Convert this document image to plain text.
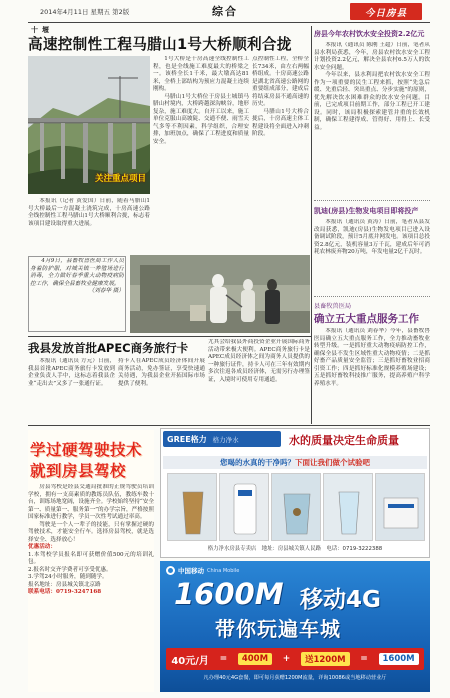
2014年4月11日 星期五 第2版	综合	今日房县
十堰
高速控制性工程马腊山1号大桥顺利合拢
关注重点项目

本报讯（记者 黄爱国）日前，随着马腊山1号大桥最后一方混凝土浇筑完成，十房高速公路全线控制性工程马腊山1号大桥顺利合拢，标志着该项目建设取得重大进展。

1号大桥是十房高速全线控制性工程，也是全线施工难度最大的桥梁之一。该桥全长1千米，最大墩高达81米，全桥上部结构为预应力混凝土连续刚构。

马腊山1号大桥位于房县土城镇马腊山村境内，大桥跨越深沟峡谷，地形复杂，施工难度大。自开工以来，施工单位克服山高坡陡、交通不便、雨雪天气多等不利因素，科学组织，合理安排，加班加点，确保了工程进度和质量安全。

点控制性工程，全桥全长734米，由左右两幅桥组成。十房高速公路是湖北省高速公路网的重要组成部分，建成后将结束房县不通高速的历史。

马腊山1号大桥合拢后，十房高速主体工程建设将全面进入冲刺阶段。

房县今年农村饮水安全投资2.2亿元

本报讯（通讯员 陈刚 王超）日前，笔者从县水利局获悉，今年，房县农村饮水安全工程计划投资2.2亿元，解决全县农村6.5万人的饮水安全问题。

今年以来，县水利局把农村饮水安全工程作为一项重要的民生工程来抓，按照“先急后缓、先重后轻、突出重点、分步实施”的原则，优先解决饮水困难群众的饮水安全问题。目前，已完成项目前期工作，部分工程已开工建设。同时，该局积极探索建管并重的长效机制，确保工程建得成、管得好、用得上、长受益。

凯迪(房县)生物发电项目即将投产

本报讯（通讯员 黄涛）日前，笔者从县发改局获悉，凯迪(房县)生物发电项目已进入设备调试阶段，预计5月底并网发电。该项目总投资2.8亿元，装机容量3万千瓦，建成后年可消耗农林废弃物20万吨，年发电量2亿千瓦时。

县畜牧兽医局
确立五大重点服务工作

本报讯（通讯员 刘春华）今年，县畜牧兽医局确立五大重点服务工作，全力推动畜牧业转型升级。一是抓好重大动物疫病防控工作，确保全县不发生区域性重大动物疫情；二是抓好畜产品质量安全监管；三是抓好畜牧业招商引资工作；四是抓好标准化规模养殖场建设；五是抓好畜牧科技推广服务，提高养殖户科学养殖水平。

4月9日，县畜牧兽医局工作人员身着防护服，对城关镇一养殖场进行消毒，全力做好春季重大动物疫病防控工作，确保全县畜牧业健康发展。

（刘春华 摄）

我县发放首批APEC商务旅行卡

本报讯（通讯员 方元）日前，我县首批APEC商务旅行卡发放到企业负责人手中，这标志着我县企业“走出去”又多了一张通行证。

持卡人在APEC成员经济体间开展商务活动，免办签证，享受快速通关待遇，为我县企业开拓国际市场提供了便利。

尤其会给我县外商投资企业开展国际商务活动带来极大便利。APEC商务旅行卡是APEC成员经济体之间为商务人员提供的一种旅行证件，持卡人可在三年有效期内多次往返各成员经济体，无需另行办理签证，入境时可使用专用通道。

学过硬驾驶技术
就到房县驾校

房县驾校是经县交通局批准的正规驾驶员培训学校，拥有一支高素质的教练员队伍，教练车数十台，训练场地宽阔，设施齐全。学校始终坚持“安全第一、质量第一、服务第一”的办学宗旨，严格按照国家标准进行教学，学员一次性考试通过率高。

驾驶是一个人一辈子的技能，只有掌握过硬的驾驶技术，才能安全行车。选择房县驾校，就是选择安全、选择放心！

优惠活动：

1.本驾校学员报名即可获赠价值500元的培训礼包。

2.报名时交齐学费者可享受优惠。

3.学驾24小时服务，随到随学。

报名地址：房县城关镇北京路

联系电话：0719-3247168

GREE格力 格力净水	水的质量决定生命质量
您喝的水真的干净吗？ 下面让我们做个试验吧
格力净水房县专卖店　地址：房县城关镇人民路　电话：0719-3222388
中国移动 China Mobile
1600M 移动4G
带你玩遍车城
40元/月 =	400M	+	送1200M	=	1600M
凡办理40元4G套餐，即可每月获赠1200M流量，详询10086或当地移动营业厅
